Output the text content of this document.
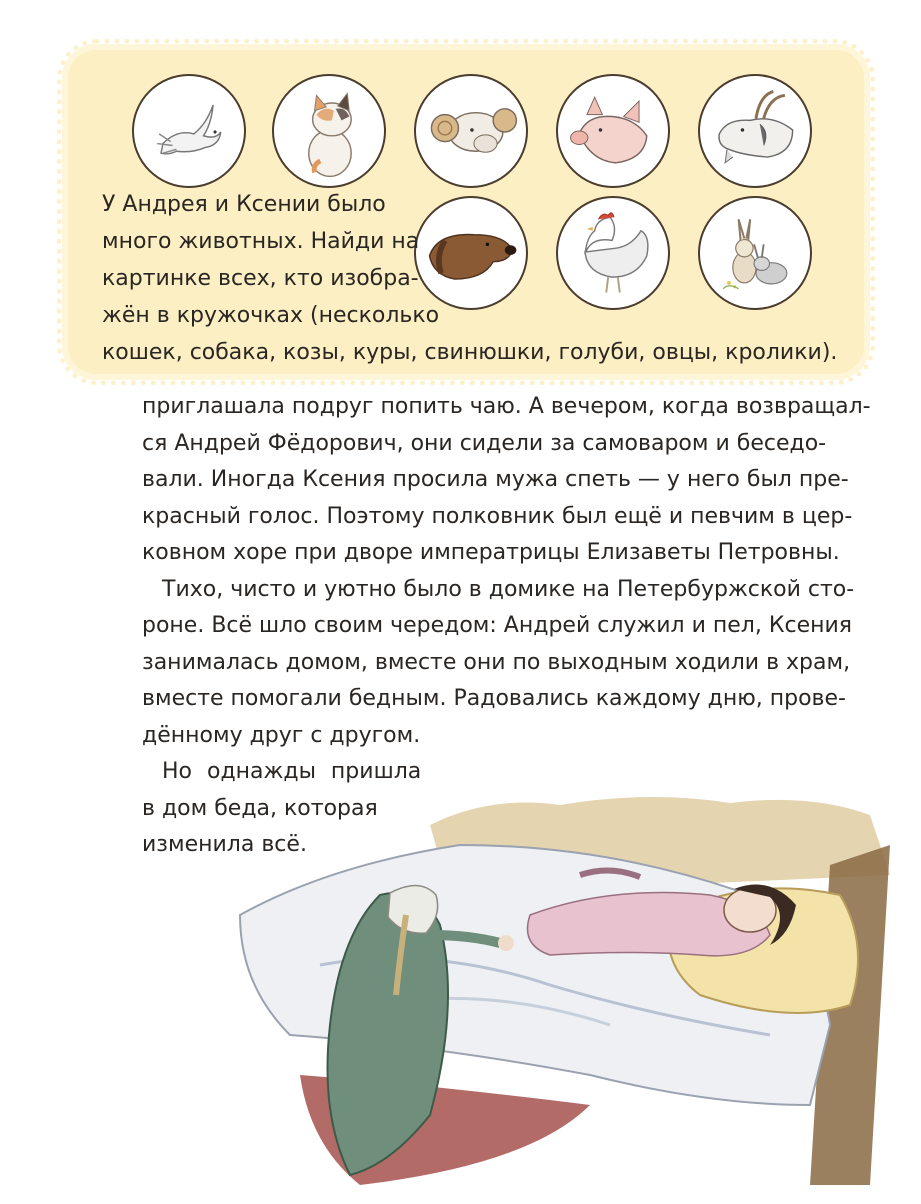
У Андрея и Ксении было
много животных. Найди на
картинке всех, кто изобра-
жён в кружочках (несколько
кошек, собака, козы, куры, свинюшки, голуби, овцы, кролики).

приглашала подруг попить чаю. А вечером, когда возвращал-
ся Андрей Фёдорович, они сидели за самоваром и беседо-
вали. Иногда Ксения просила мужа спеть — у него был пре-
красный голос. Поэтому полковник был ещё и певчим в цер-
ковном хоре при дворе императрицы Елизаветы Петровны.
Тихо, чисто и уютно было в домике на Петербуржской сто-
роне. Всё шло своим чередом: Андрей служил и пел, Ксения
занималась домом, вместе они по выходным ходили в храм,
вместе помогали бедным. Радовались каждому дню, прове-
дённому друг с другом.
Но однажды пришла
в дом беда, которая
изменила всё.
